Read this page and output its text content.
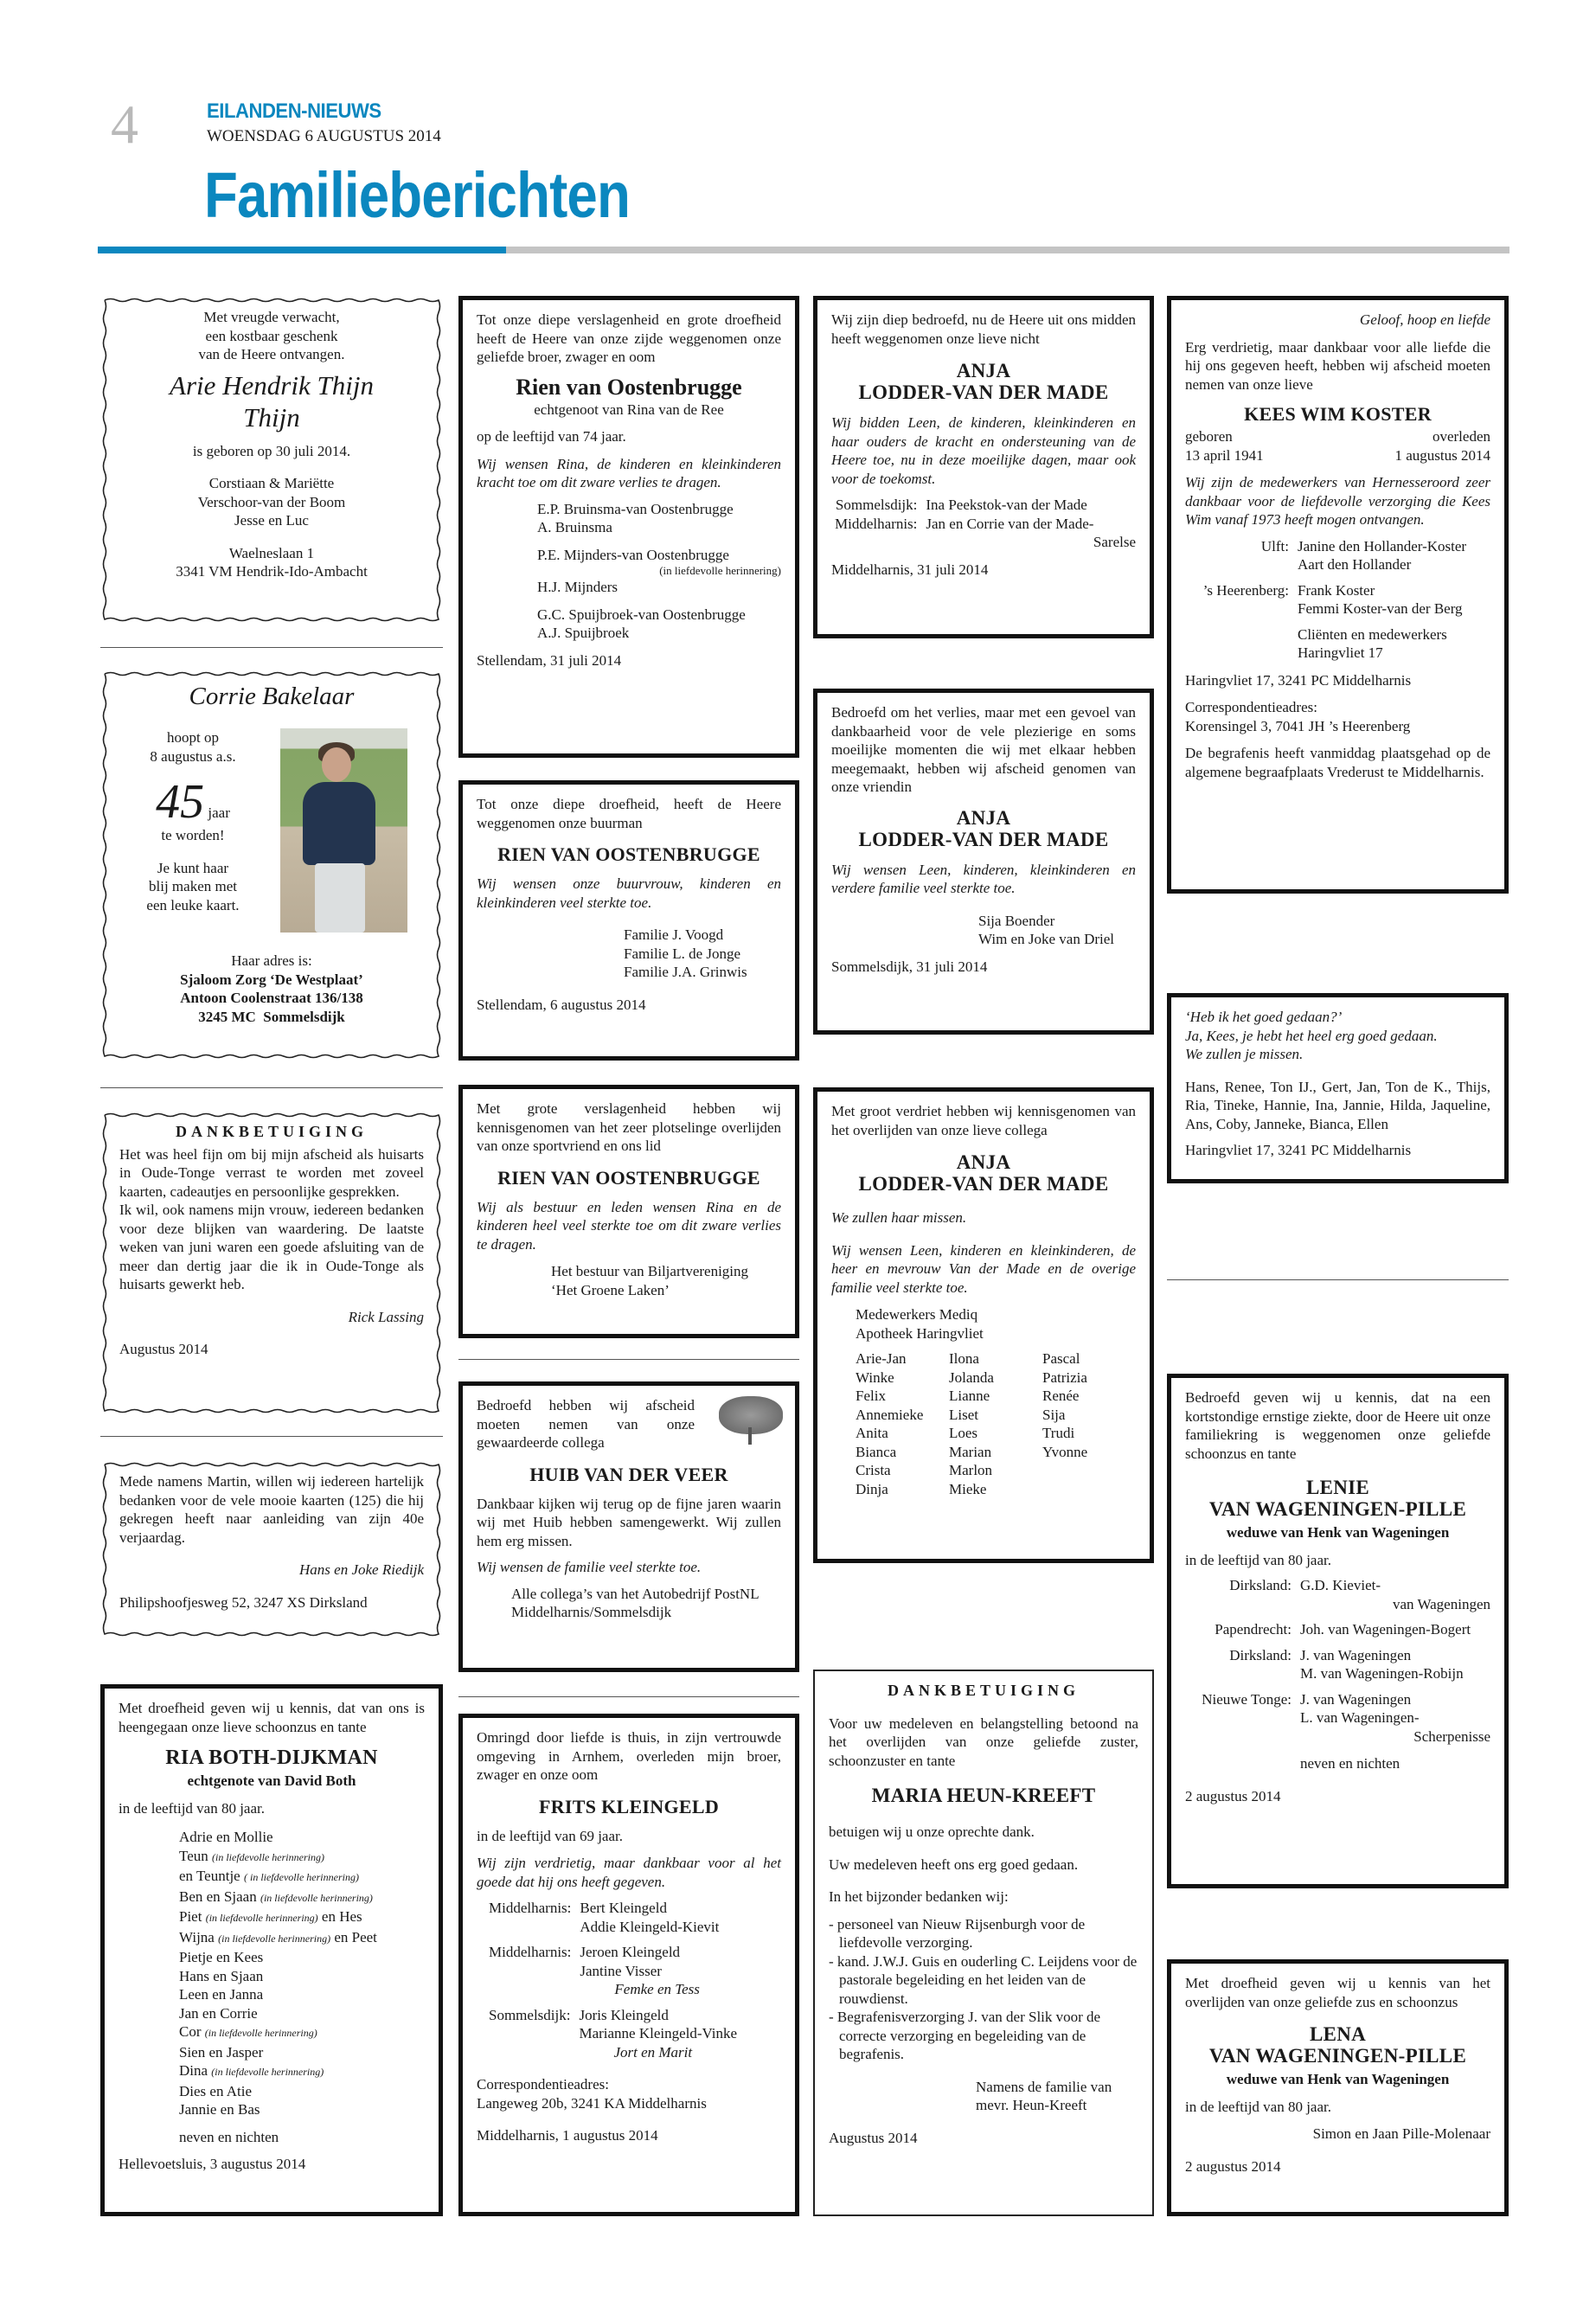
4	EILANDEN-NIEUWS
WOENSDAG 6 AUGUSTUS 2014
Familieberichten
Met vreugde verwacht,
een kostbaar geschenk
van de Heere ontvangen.
Arie Hendrik Thijn
Thijn
is geboren op 30 juli 2014.
Corstiaan & Mariëtte
Verschoor-van der Boom
Jesse en Luc
Waelneslaan 1
3341 VM Hendrik-Ido-Ambacht
Corrie Bakelaar
hoopt op
8 augustus a.s.
45 jaar
te worden!
Je kunt haar
blij maken met
een leuke kaart.
Haar adres is:
Sjaloom Zorg ‘De Westplaat’
Antoon Coolenstraat 136/138
3245 MC  Sommelsdijk
DANKBETUIGING

Het was heel fijn om bij mijn afscheid als huisarts in Oude-Tonge verrast te worden met zoveel kaarten, cadeautjes en persoonlijke gesprekken.

Ik wil, ook namens mijn vrouw, iedereen bedanken voor deze blijken van waardering. De laatste weken van juni waren een goede afsluiting van de meer dan dertig jaar die ik in Oude-Tonge als huisarts gewerkt heb.

Rick Lassing
Augustus 2014

Mede namens Martin, willen wij iedereen hartelijk bedanken voor de vele mooie kaarten (125) die hij gekregen heeft naar aanleiding van zijn 40e verjaardag.

Hans en Joke Riedijk
Philipshoofjesweg 52, 3247 XS Dirksland

Met droefheid geven wij u kennis, dat van ons is heengegaan onze lieve schoonzus en tante

RIA BOTH-DIJKMAN
echtgenote van David Both
in de leeftijd van 80 jaar.
Adrie en Mollie
Teun (in liefdevolle herinnering)
en Teuntje ( in liefdevolle herinnering)
Ben en Sjaan (in liefdevolle herinnering)
Piet (in liefdevolle herinnering) en Hes
Wijna (in liefdevolle herinnering) en Peet
Pietje en Kees
Hans en Sjaan
Leen en Janna
Jan en Corrie
Cor (in liefdevolle herinnering)
Sien en Jasper
Dina (in liefdevolle herinnering)
Dies en Atie
Jannie en Bas
neven en nichten
Hellevoetsluis, 3 augustus 2014

Tot onze diepe verslagenheid en grote droefheid heeft de Heere van onze zijde weggenomen onze geliefde broer, zwager en oom

Rien van Oostenbrugge
echtgenoot van Rina van de Ree
op de leeftijd van 74 jaar.

Wij wensen Rina, de kinderen en kleinkinderen kracht toe om dit zware verlies te dragen.

E.P. Bruinsma-van Oostenbrugge
A. Bruinsma
P.E. Mijnders-van Oostenbrugge
(in liefdevolle herinnering)
H.J. Mijnders
G.C. Spuijbroek-van Oostenbrugge
A.J. Spuijbroek
Stellendam, 31 juli 2014

Tot onze diepe droefheid, heeft de Heere weggenomen onze buurman

RIEN VAN OOSTENBRUGGE

Wij wensen onze buurvrouw, kinderen en kleinkinderen veel sterkte toe.

Familie J. Voogd
Familie L. de Jonge
Familie J.A. Grinwis
Stellendam, 6 augustus 2014

Met grote verslagenheid hebben wij kennisgenomen van het zeer plotselinge overlijden van onze sportvriend en ons lid

RIEN VAN OOSTENBRUGGE

Wij als bestuur en leden wensen Rina en de kinderen heel veel sterkte toe om dit zware verlies te dragen.

Het bestuur van Biljartvereniging
‘Het Groene Laken’

Bedroefd hebben wij afscheid moeten nemen van onze gewaardeerde collega

HUIB VAN DER VEER

Dankbaar kijken wij terug op de fijne jaren waarin wij met Huib hebben samengewerkt. Wij zullen hem erg missen.

Wij wensen de familie veel sterkte toe.

Alle collega’s van het Autobedrijf PostNL
Middelharnis/Sommelsdijk

Omringd door liefde is thuis, in zijn vertrouwde omgeving in Arnhem, overleden mijn broer, zwager en onze oom

FRITS KLEINGELD
in de leeftijd van 69 jaar.

Wij zijn verdrietig, maar dankbaar voor al het goede dat hij ons heeft gegeven.

Middelharnis: Bert Kleingeld
Addie Kleingeld-Kievit
Middelharnis: Jeroen Kleingeld
Jantine Visser
Femke en Tess
Sommelsdijk: Joris Kleingeld
Marianne Kleingeld-Vinke
Jort en Marit
Correspondentieadres:
Langeweg 20b, 3241 KA Middelharnis
Middelharnis, 1 augustus 2014

Wij zijn diep bedroefd, nu de Heere uit ons midden heeft weggenomen onze lieve nicht

ANJA
LODDER-VAN DER MADE

Wij bidden Leen, de kinderen, kleinkinderen en haar ouders de kracht en ondersteuning van de Heere toe, nu in deze moeilijke dagen, maar ook voor de toekomst.

Sommelsdijk: Ina Peekstok-van der Made
Middelharnis: Jan en Corrie van der Made-
Sarelse
Middelharnis, 31 juli 2014

Bedroefd om het verlies, maar met een gevoel van dankbaarheid voor de vele plezierige en soms moeilijke momenten die wij met elkaar hebben meegemaakt, hebben wij afscheid genomen van onze vriendin

ANJA
LODDER-VAN DER MADE

Wij wensen Leen, kinderen, kleinkinderen en verdere familie veel sterkte toe.

Sija Boender
Wim en Joke van Driel
Sommelsdijk, 31 juli 2014

Met groot verdriet hebben wij kennisgenomen van het overlijden van onze lieve collega

ANJA
LODDER-VAN DER MADE

We zullen haar missen.

Wij wensen Leen, kinderen en kleinkinderen, de heer en mevrouw Van der Made en de overige familie veel sterkte toe.

Medewerkers Mediq
Apotheek Haringvliet
Arie-Jan
Winke
Felix
Annemieke
Anita
Bianca
Crista
Dinja
Ilona
Jolanda
Lianne
Liset
Loes
Marian
Marlon
Mieke
Pascal
Patrizia
Renée
Sija
Trudi
Yvonne
DANKBETUIGING

Voor uw medeleven en belangstelling betoond na het overlijden van onze geliefde zuster, schoonzuster en tante

MARIA HEUN-KREEFT
betuigen wij u onze oprechte dank.
Uw medeleven heeft ons erg goed gedaan.
In het bijzonder bedanken wij:
- personeel van Nieuw Rijsenburgh voor de liefdevolle verzorging.
- kand. J.W.J. Guis en ouderling C. Leijdens voor de pastorale begeleiding en het leiden van de rouwdienst.
- Begrafenisverzorging J. van der Slik voor de correcte verzorging en begeleiding van de begrafenis.
Namens de familie van
mevr. Heun-Kreeft
Augustus 2014
Geloof, hoop en liefde

Erg verdrietig, maar dankbaar voor alle liefde die hij ons gegeven heeft, hebben wij afscheid moeten nemen van onze lieve

KEES WIM KOSTER
geboren
13 april 1941
overleden
1 augustus 2014

Wij zijn de medewerkers van Hernesseroord zeer dankbaar voor de liefdevolle verzorging die Kees Wim vanaf 1973 heeft mogen ontvangen.

Ulft: Janine den Hollander-Koster
Aart den Hollander
’s Heerenberg: Frank Koster
Femmi Koster-van der Berg
Cliënten en medewerkers
Haringvliet 17
Haringvliet 17, 3241 PC Middelharnis
Correspondentieadres:
Korensingel 3, 7041 JH ’s Heerenberg

De begrafenis heeft vanmiddag plaatsgehad op de algemene begraafplaats Vrederust te Middelharnis.

‘Heb ik het goed gedaan?’
Ja, Kees, je hebt het heel erg goed gedaan.
We zullen je missen.

Hans, Renee, Ton IJ., Gert, Jan, Ton de K., Thijs, Ria, Tineke, Hannie, Ina, Jannie, Hilda, Jaqueline, Ans, Coby, Janneke, Bianca, Ellen

Haringvliet 17, 3241 PC Middelharnis

Bedroefd geven wij u kennis, dat na een kortstondige ernstige ziekte, door de Heere uit onze familiekring is weggenomen onze geliefde schoonzus en tante

LENIE
VAN WAGENINGEN-PILLE
weduwe van Henk van Wageningen
in de leeftijd van 80 jaar.
Dirksland: G.D. Kieviet-
van Wageningen
Papendrecht: Joh. van Wageningen-Bogert
Dirksland: J. van Wageningen
M. van Wageningen-Robijn
Nieuwe Tonge: J. van Wageningen
L. van Wageningen-
Scherpenisse
neven en nichten
2 augustus 2014

Met droefheid geven wij u kennis van het overlijden van onze geliefde zus en schoonzus

LENA
VAN WAGENINGEN-PILLE
weduwe van Henk van Wageningen
in de leeftijd van 80 jaar.
Simon en Jaan Pille-Molenaar
2 augustus 2014
